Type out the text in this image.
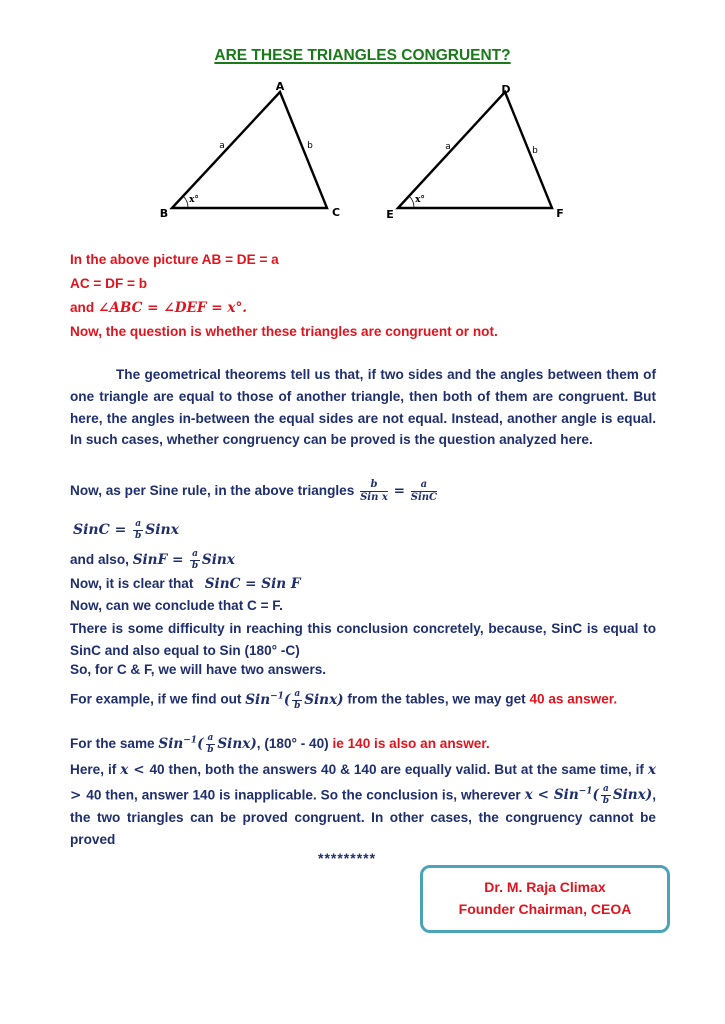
ARE THESE TRIANGLES CONGRUENT?
A
B	C
a	b
x°
D
E	F
a	b
x°
In the above picture AB = DE = a
AC = DF = b
and ∠ABC = ∠DEF = x°.
Now, the question is whether these triangles are congruent or not.
The geometrical theorems tell us that, if two sides and the angles between them of one triangle are equal to those of another triangle, then both of them are congruent. But here, the angles in-between the equal sides are not equal. Instead, another angle is equal. In such cases, whether congruency can be proved is the question analyzed here.
Now, as per Sine rule, in the above triangles $\frac{b}{\text{Sin x}} = \frac{a}{\text{SinC}}$
SinC = $\frac{a}{b}$ Sinx
and also, SinF = $\frac{a}{b}$ Sinx
Now, it is clear that   SinC = Sin F
Now, can we conclude that C = F.
There is some difficulty in reaching this conclusion concretely, because, SinC is equal to SinC and also equal to Sin (180° -C)
So, for C & F, we will have two answers.
For example, if we find out $Sin^{-1}( \frac{a}{b}$ Sinx) from the tables, we may get 40 as answer.
For the same $Sin^{-1}( \frac{a}{b}$ Sinx), (180° - 40) ie 140 is also an answer.
Here, if x < 40 then, both the answers 40 & 140 are equally valid. But at the same time, if x > 40 then, answer 140 is inapplicable. So the conclusion is, wherever $x < Sin^{-1}( \frac{a}{b}$ Sinx), the two triangles can be proved congruent. In other cases, the congruency cannot be proved
*********
Dr. M. Raja Climax
Founder Chairman, CEOA
